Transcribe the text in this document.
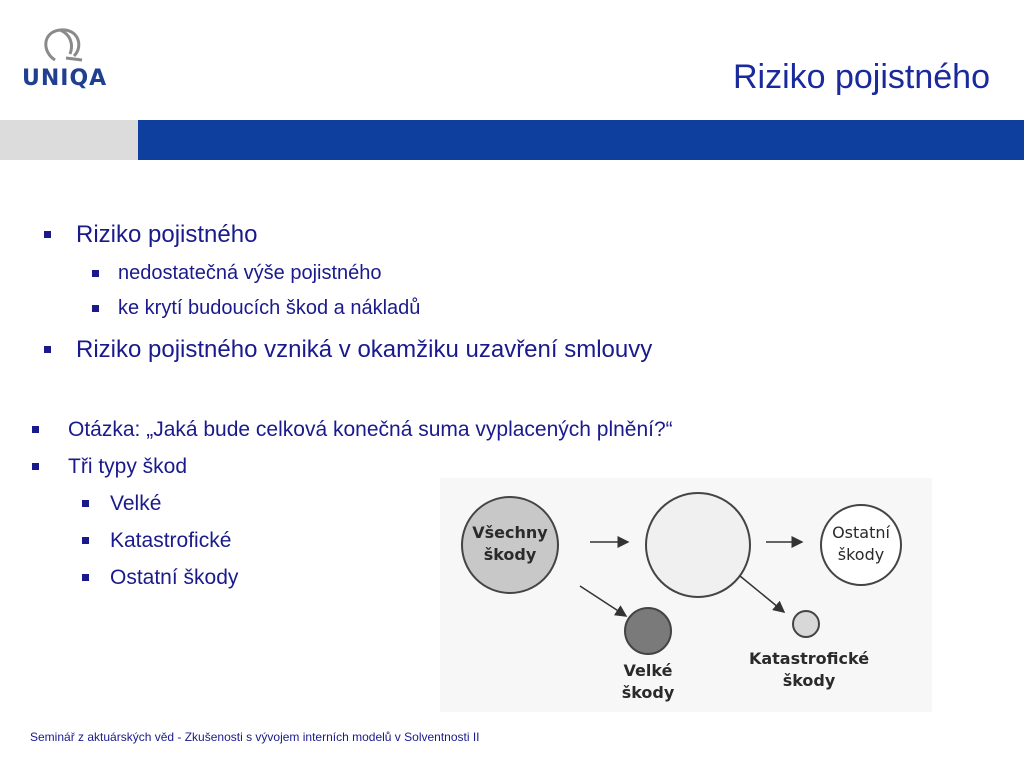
UNIQA	Riziko pojistného
Riziko pojistného
nedostatečná výše pojistného
ke krytí budoucích škod a nákladů
Riziko pojistného vzniká v okamžiku uzavření smlouvy
Otázka: „Jaká bude celková konečná suma vyplacených plnění?“
Tři typy škod
Velké
Katastrofické
Ostatní škody
Všechny
škody
Ostatní
škody
Velké
škody
Katastrofické
škody
Seminář z aktuárských věd - Zkušenosti s vývojem interních modelů v Solventnosti II
